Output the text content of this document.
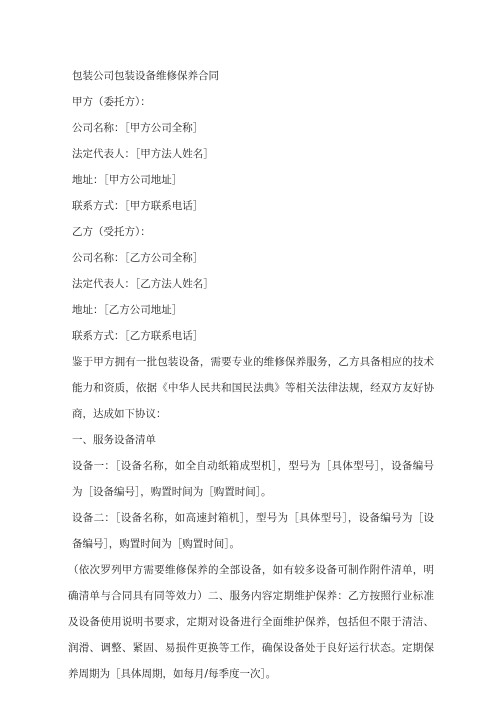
包装公司包装设备维修保养合同
甲方（委托方）：
公司名称：［甲方公司全称］
法定代表人：［甲方法人姓名］
地址：［甲方公司地址］
联系方式：［甲方联系电话］
乙方（受托方）：
公司名称：［乙方公司全称］
法定代表人：［乙方法人姓名］
地址：［乙方公司地址］
联系方式：［乙方联系电话］
鉴于甲方拥有一批包装设备，需要专业的维修保养服务，乙方具备相应的技术能力和资质，依据《中华人民共和国民法典》等相关法律法规，经双方友好协商，达成如下协议：
一、服务设备清单
设备一：［设备名称，如全自动纸箱成型机］，型号为［具体型号］，设备编号为［设备编号］，购置时间为［购置时间］。
设备二：［设备名称，如高速封箱机］，型号为［具体型号］，设备编号为［设备编号］，购置时间为［购置时间］。
（依次罗列甲方需要维修保养的全部设备，如有较多设备可制作附件清单，明确清单与合同具有同等效力）二、服务内容定期维护保养：乙方按照行业标准及设备使用说明书要求，定期对设备进行全面维护保养，包括但不限于清洁、润滑、调整、紧固、易损件更换等工作，确保设备处于良好运行状态。定期保养周期为［具体周期，如每月/每季度一次］。
